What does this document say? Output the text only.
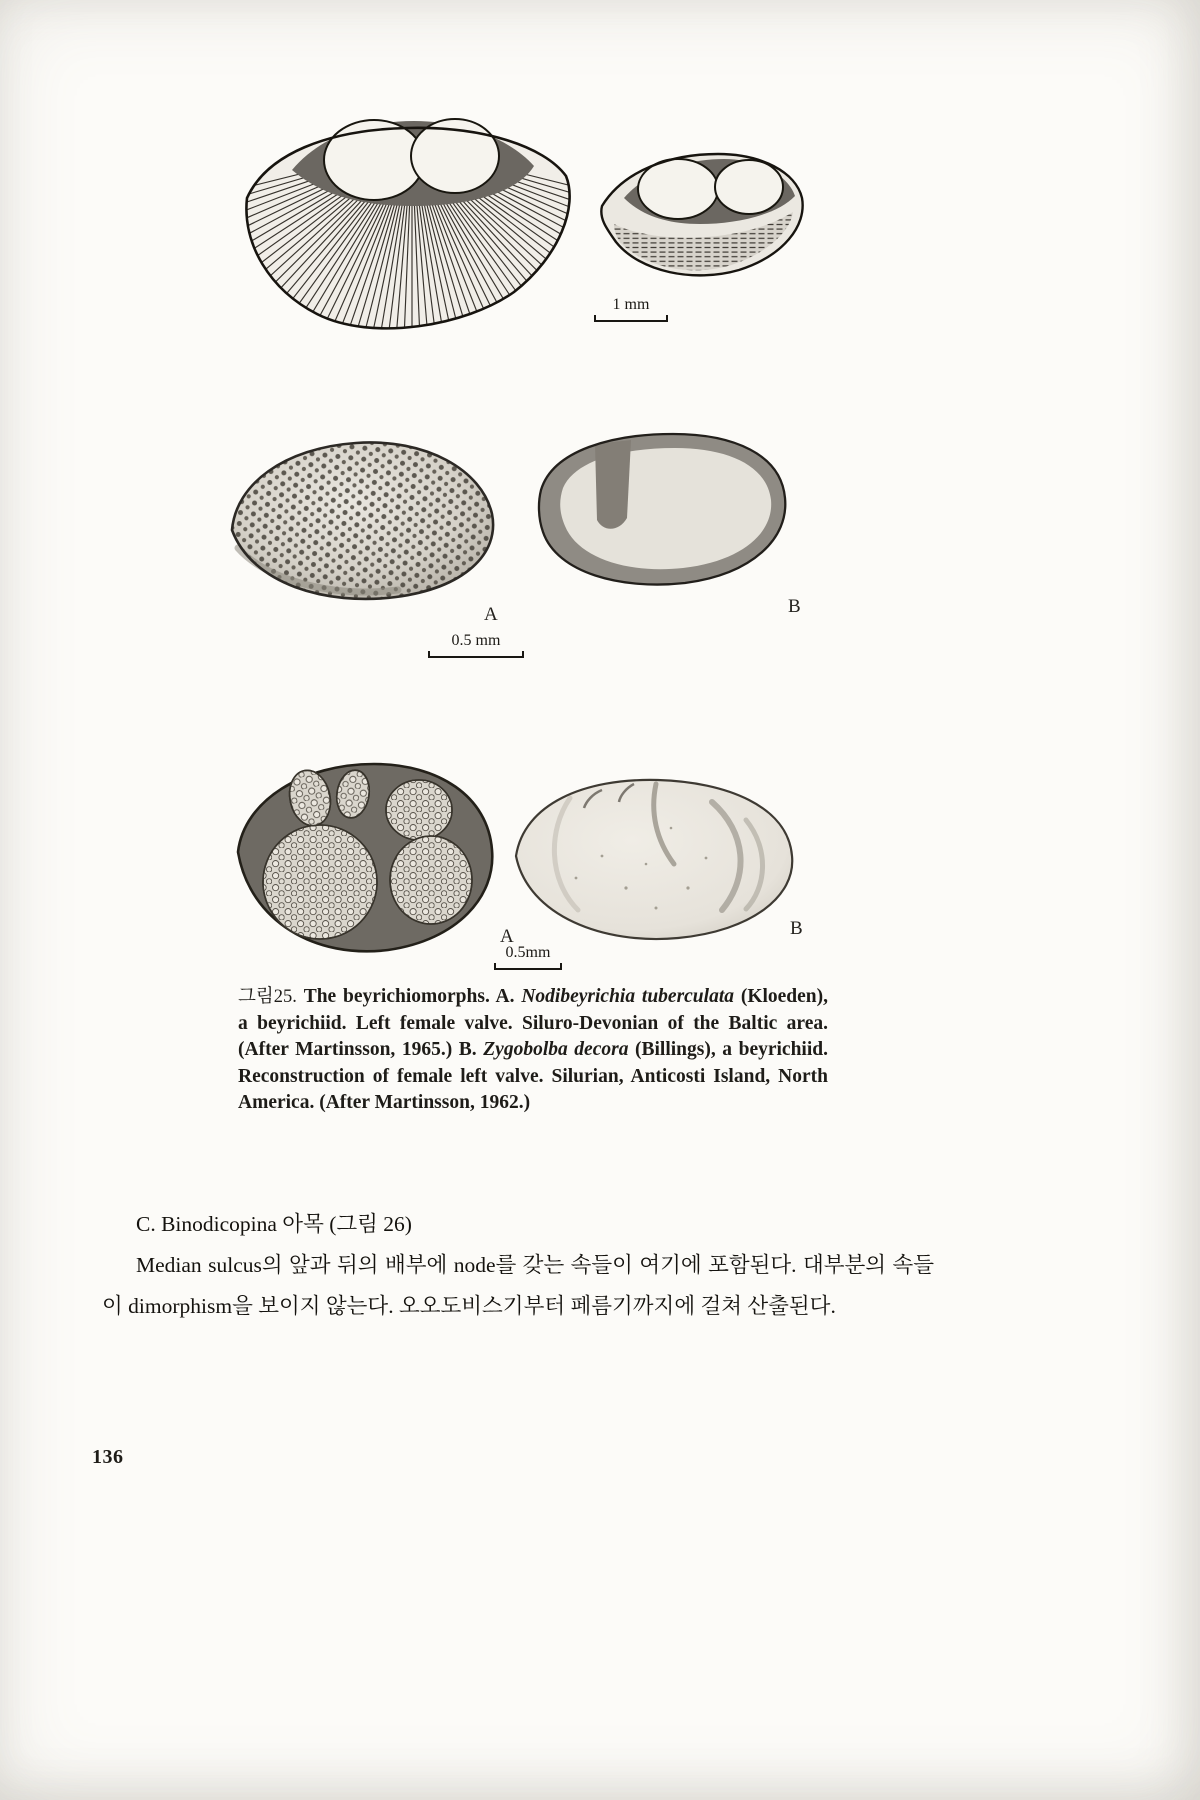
1 mm
A	B
0.5 mm
A	B
0.5mm

그림25. The beyrichiomorphs. A. Nodibeyrichia tuberculata (Kloeden), a beyrichiid. Left female valve. Siluro-Devonian of the Baltic area. (After Martinsson, 1965.) B. Zygobolba decora (Billings), a beyrichiid. Reconstruction of female left valve. Silurian, Anticosti Island, North America. (After Martinsson, 1962.)

C. Binodicopina 아목 (그림 26)

Median sulcus의 앞과 뒤의 배부에 node를 갖는 속들이 여기에 포함된다. 대부분의 속들이 dimorphism을 보이지 않는다. 오오도비스기부터 페름기까지에 걸쳐 산출된다.

136
